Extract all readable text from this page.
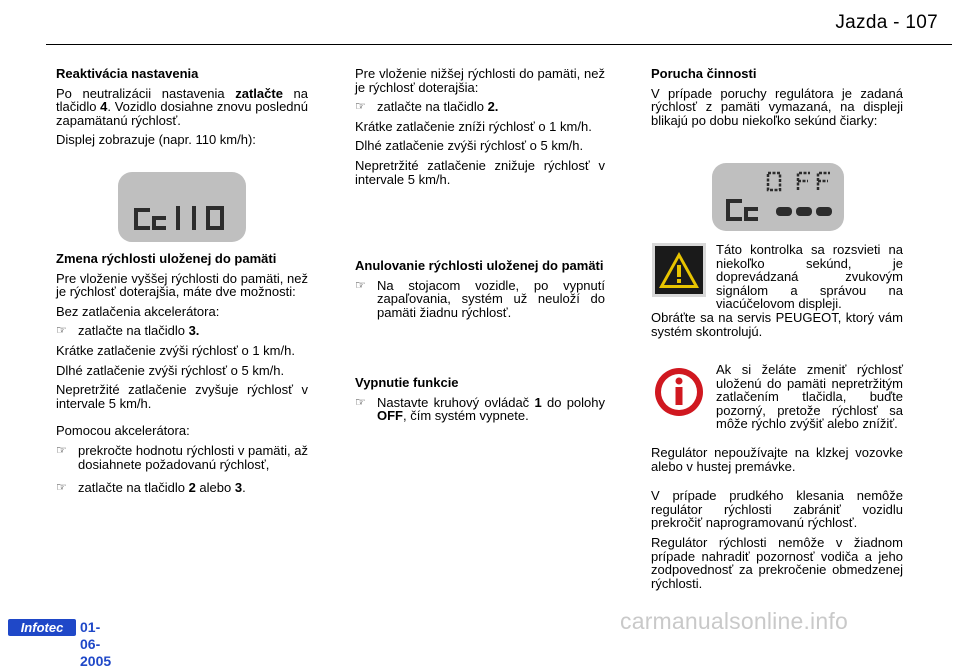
Jazda - 107

Reaktivácia nastavenia

Po neutralizácii nastavenia zatlačte na tlačidlo 4. Vozidlo dosiahne znovu poslednú zapamätanú rýchlosť.

Displej zobrazuje (napr. 110 km/h):

Zmena rýchlosti uloženej do pamäti

Pre vloženie vyššej rýchlosti do pamäti, než je rýchlosť doterajšia, máte dve možnosti:

Bez zatlačenia akcelerátora:

☞ zatlačte na tlačidlo 3.

Krátke zatlačenie zvýši rýchlosť o 1 km/h.

Dlhé zatlačenie zvýši rýchlosť o 5 km/h.

Nepretržité zatlačenie zvyšuje rýchlosť v intervale 5 km/h.

Pomocou akcelerátora:

☞ prekročte hodnotu rýchlosti v pamäti, až dosiahnete požadovanú rýchlosť,
☞ zatlačte na tlačidlo 2 alebo 3.

Pre vloženie nižšej rýchlosti do pamäti, než je rýchlosť doterajšia:

☞ zatlačte na tlačidlo 2.

Krátke zatlačenie zníži rýchlosť o 1 km/h.

Dlhé zatlačenie zvýši rýchlosť o 5 km/h.

Nepretržité zatlačenie znižuje rýchlosť v intervale 5 km/h.

Anulovanie rýchlosti uloženej do pamäti

☞ Na stojacom vozidle, po vypnutí zapaľovania, systém už neuloží do pamäti žiadnu rýchlosť.

Vypnutie funkcie

☞ Nastavte kruhový ovládač 1 do polohy OFF, čím systém vypnete.

Porucha činnosti

V prípade poruchy regulátora je zadaná rýchlosť z pamäti vymazaná, na displeji blikajú po dobu niekoľko sekúnd čiarky:

Táto kontrolka sa rozsvieti na niekoľko sekúnd, je doprevádzaná zvukovým signálom a správou na viacúčelovom displeji.

Obráťte sa na servis PEUGEOT, ktorý vám systém skontrolujú.

Ak si želáte zmeniť rýchlosť uloženú do pamäti nepretržitým zatlačením tlačidla, buďte pozorný, pretože rýchlosť sa môže rýchlo zvýšiť alebo znížiť.

Regulátor nepoužívajte na klzkej vozovke alebo v hustej premávke.

V prípade prudkého klesania nemôže regulátor rýchlosti zabrániť vozidlu prekročiť naprogramovanú rýchlosť.

Regulátor rýchlosti nemôže v žiadnom prípade nahradiť pozornosť vodiča a jeho zodpovednosť za prekročenie obmedzenej rýchlosti.

Infotec	01-06-2005
carmanualsonline.info
